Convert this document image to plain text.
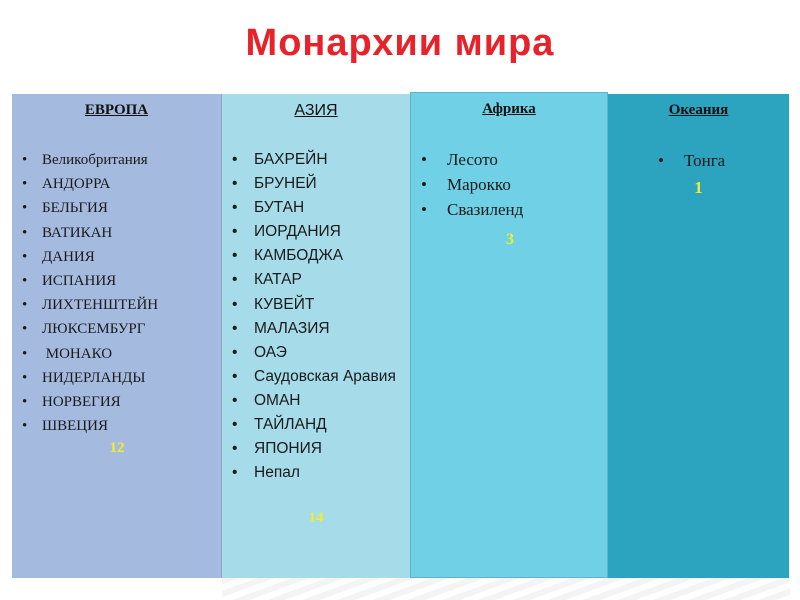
Монархии мира
ЕВРОПА
• Великобритания
• АНДОРРА
• БЕЛЬГИЯ
• ВАТИКАН
• ДАНИЯ
• ИСПАНИЯ
• ЛИХТЕНШТЕЙН
• ЛЮКСЕМБУРГ
• МОНАКО
• НИДЕРЛАНДЫ
• НОРВЕГИЯ
• ШВЕЦИЯ
12
АЗИЯ
• БАХРЕЙН
• БРУНЕЙ
• БУТАН
• ИОРДАНИЯ
• КАМБОДЖА
• КАТАР
• КУВЕЙТ
• МАЛАЗИЯ
• ОАЭ
• Саудовская Аравия
• ОМАН
• ТАЙЛАНД
• ЯПОНИЯ
• Непал
14
Африка
• Лесото
• Марокко
• Свазиленд
3
Океания
• Тонга
1
